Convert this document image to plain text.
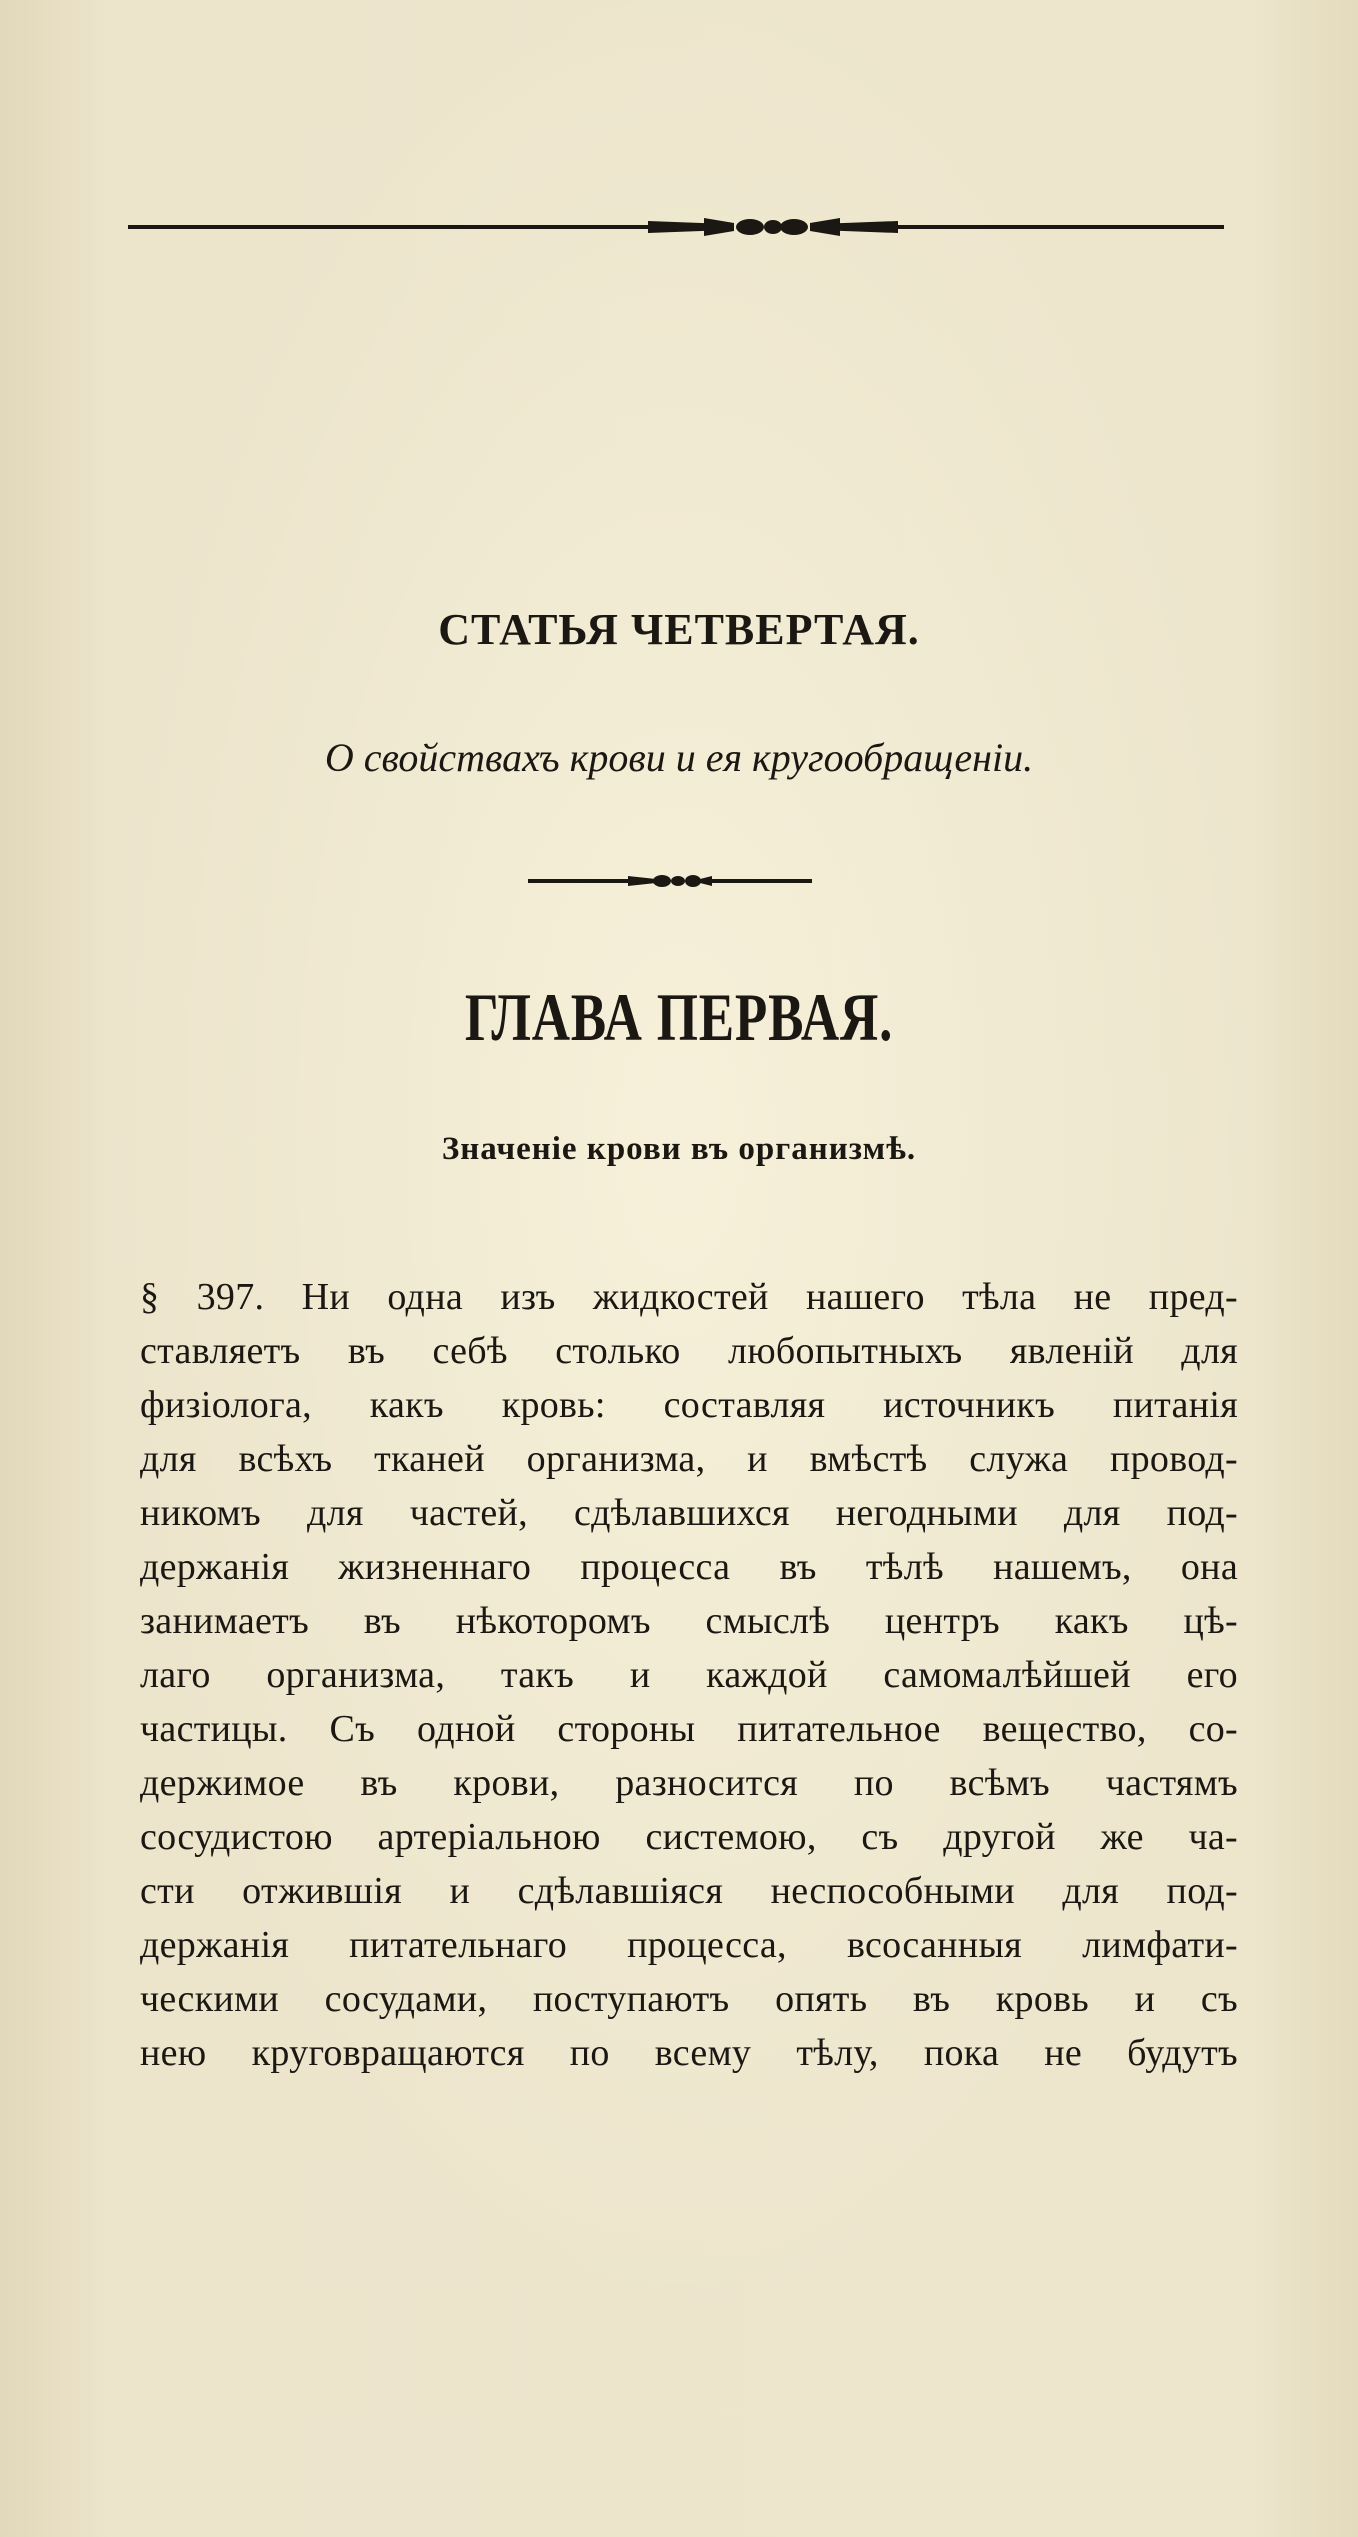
СТАТЬЯ ЧЕТВЕРТАЯ.
О свойствахъ крови и ея кругообращеніи.
ГЛАВА ПЕРВАЯ.
Значеніе крови въ организмѣ.
§ 397. Ни одна изъ жидкостей нашего тѣла не пред-
ставляетъ въ себѣ столько любопытныхъ явленій для
физіолога, какъ кровь: составляя источникъ питанія
для всѣхъ тканей организма, и вмѣстѣ служа провод-
никомъ для частей, сдѣлавшихся негодными для под-
держанія жизненнаго процесса въ тѣлѣ нашемъ, она
занимаетъ въ нѣкоторомъ смыслѣ центръ какъ цѣ-
лаго организма, такъ и каждой самомалѣйшей его
частицы. Съ одной стороны питательное вещество, со-
держимое въ крови, разносится по всѣмъ частямъ
сосудистою артеріальною системою, съ другой же ча-
сти отжившія и сдѣлавшіяся неспособными для под-
держанія питательнаго процесса, всосанныя лимфати-
ческими сосудами, поступаютъ опять въ кровь и съ
нею круговращаются по всему тѣлу, пока не будутъ
